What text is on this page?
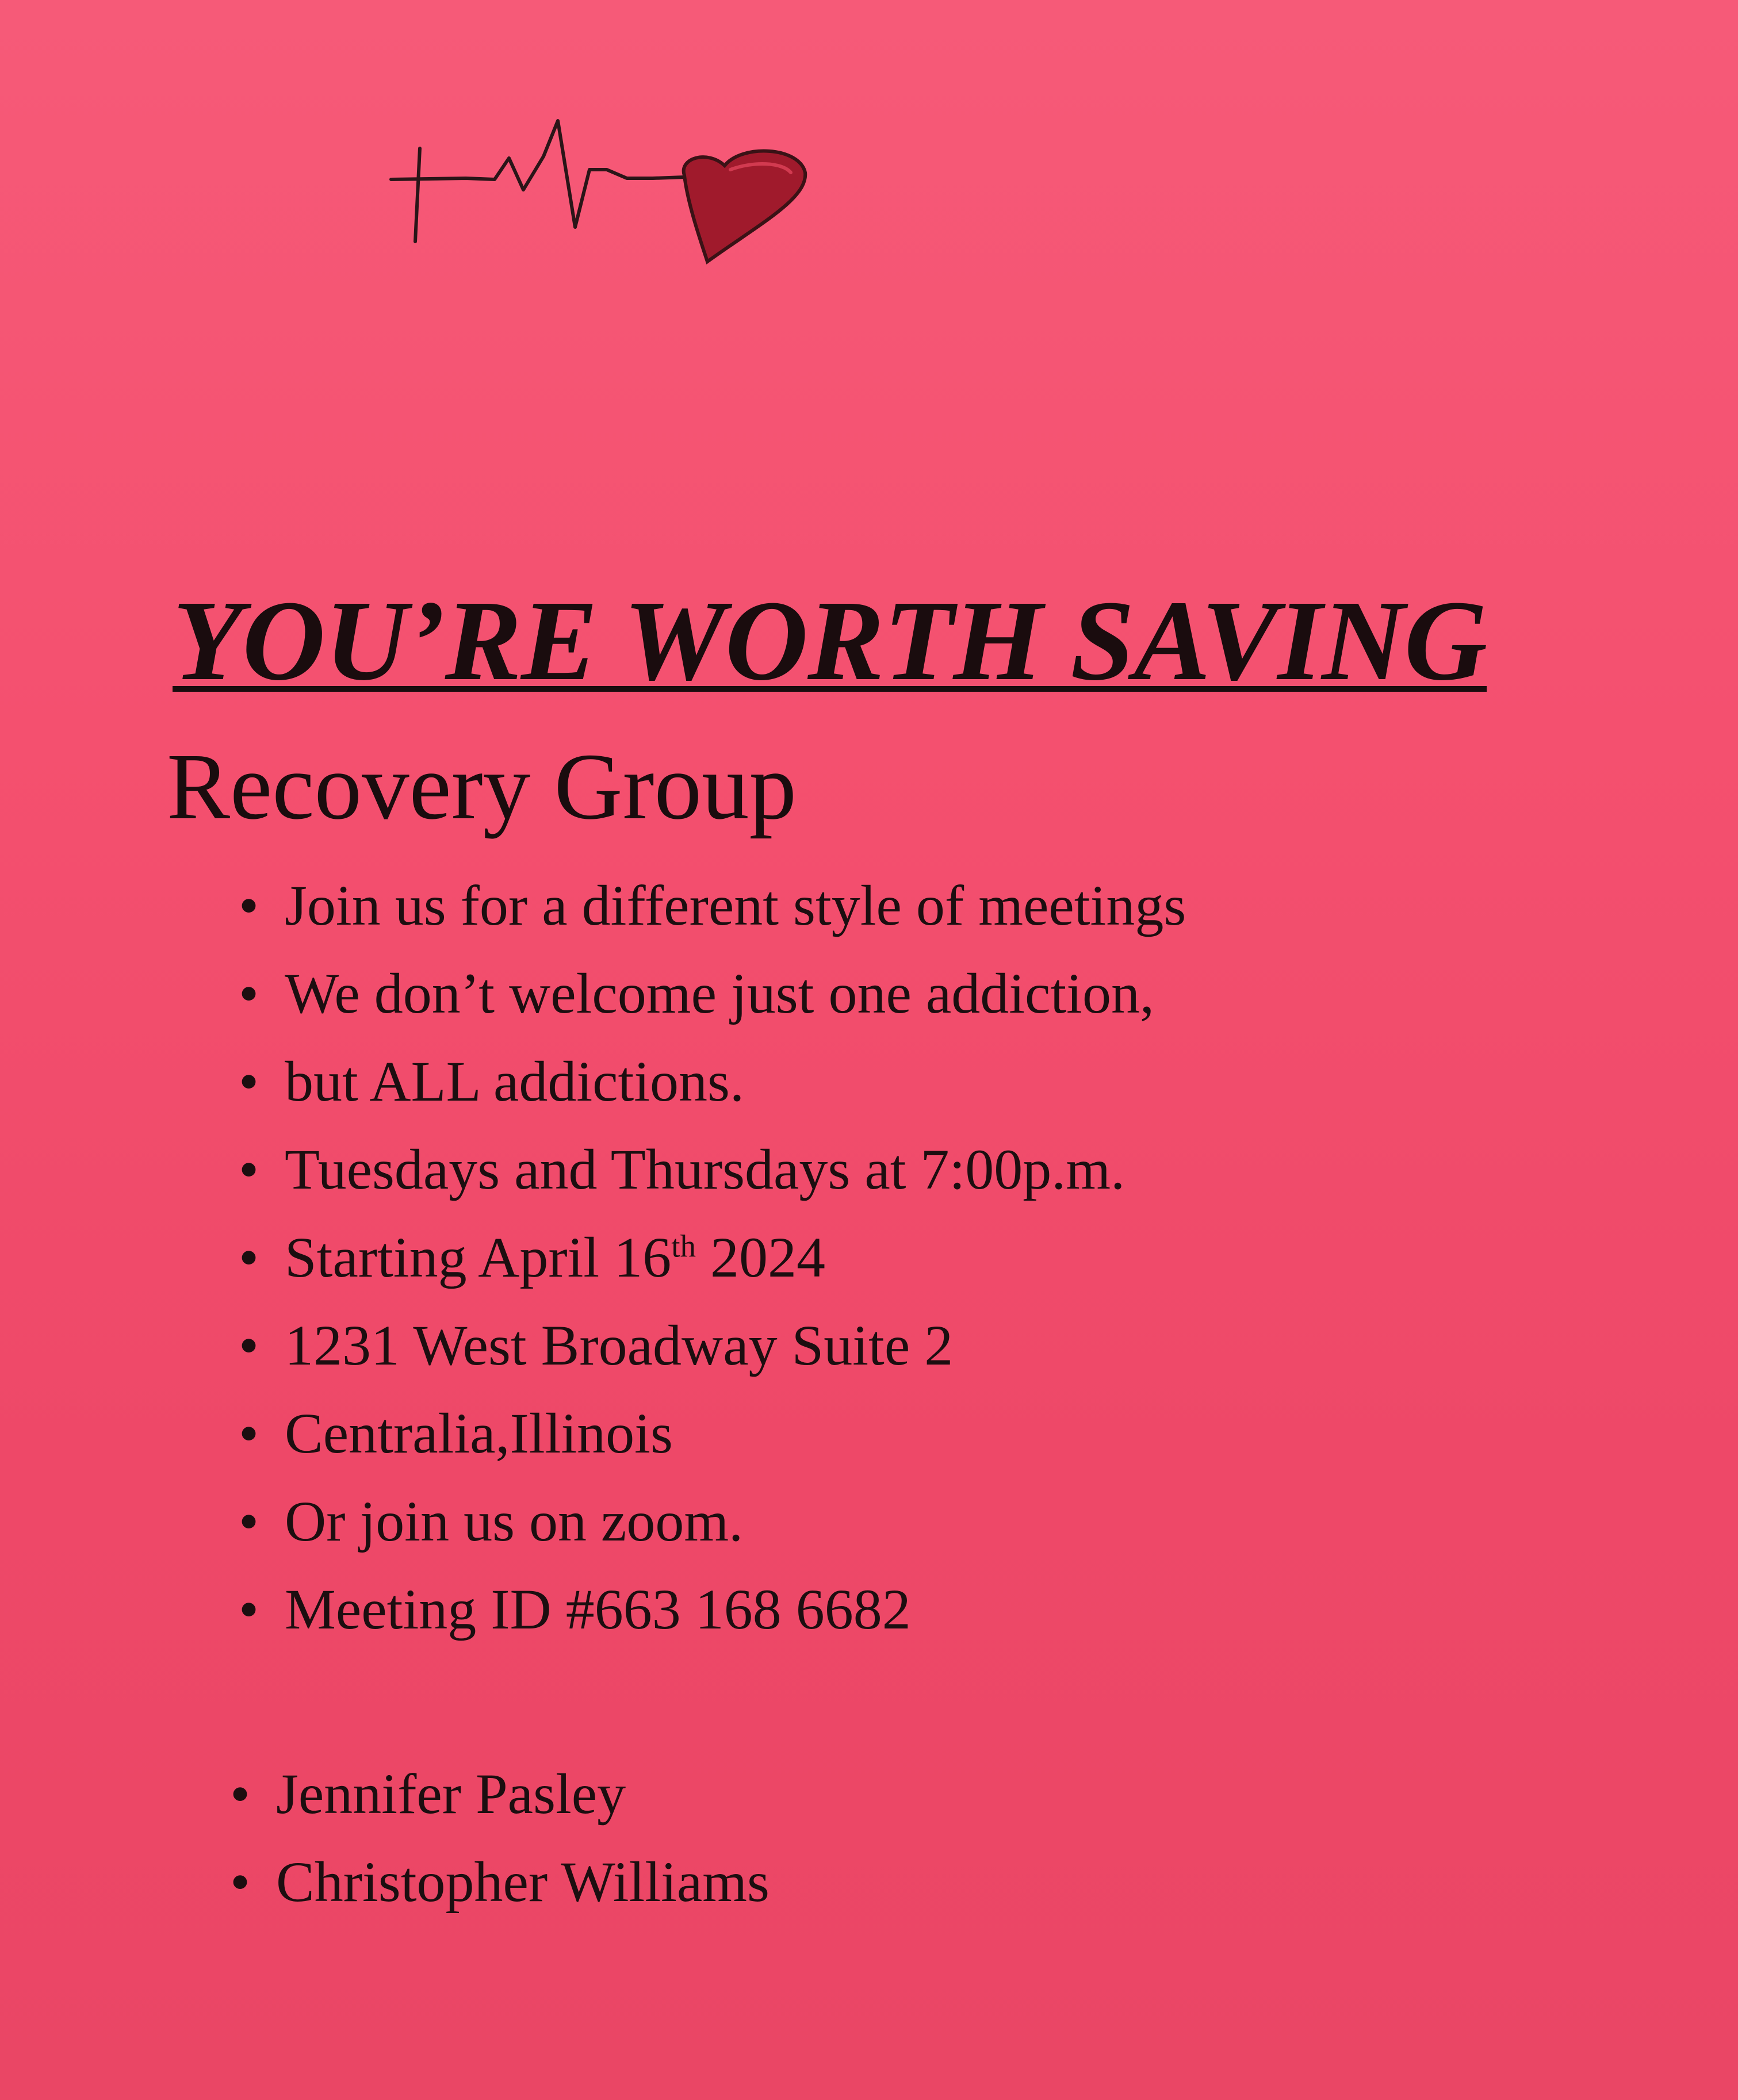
YOU’RE WORTH SAVING
Recovery Group
• Join us for a different style of meetings
• We don’t welcome just one addiction,
• but ALL addictions.
• Tuesdays and Thursdays at 7:00p.m.
• Starting April 16th 2024
• 1231 West Broadway Suite 2
• Centralia,Illinois
• Or join us on zoom.
• Meeting ID #663 168 6682
• Jennifer Pasley
• Christopher Williams
